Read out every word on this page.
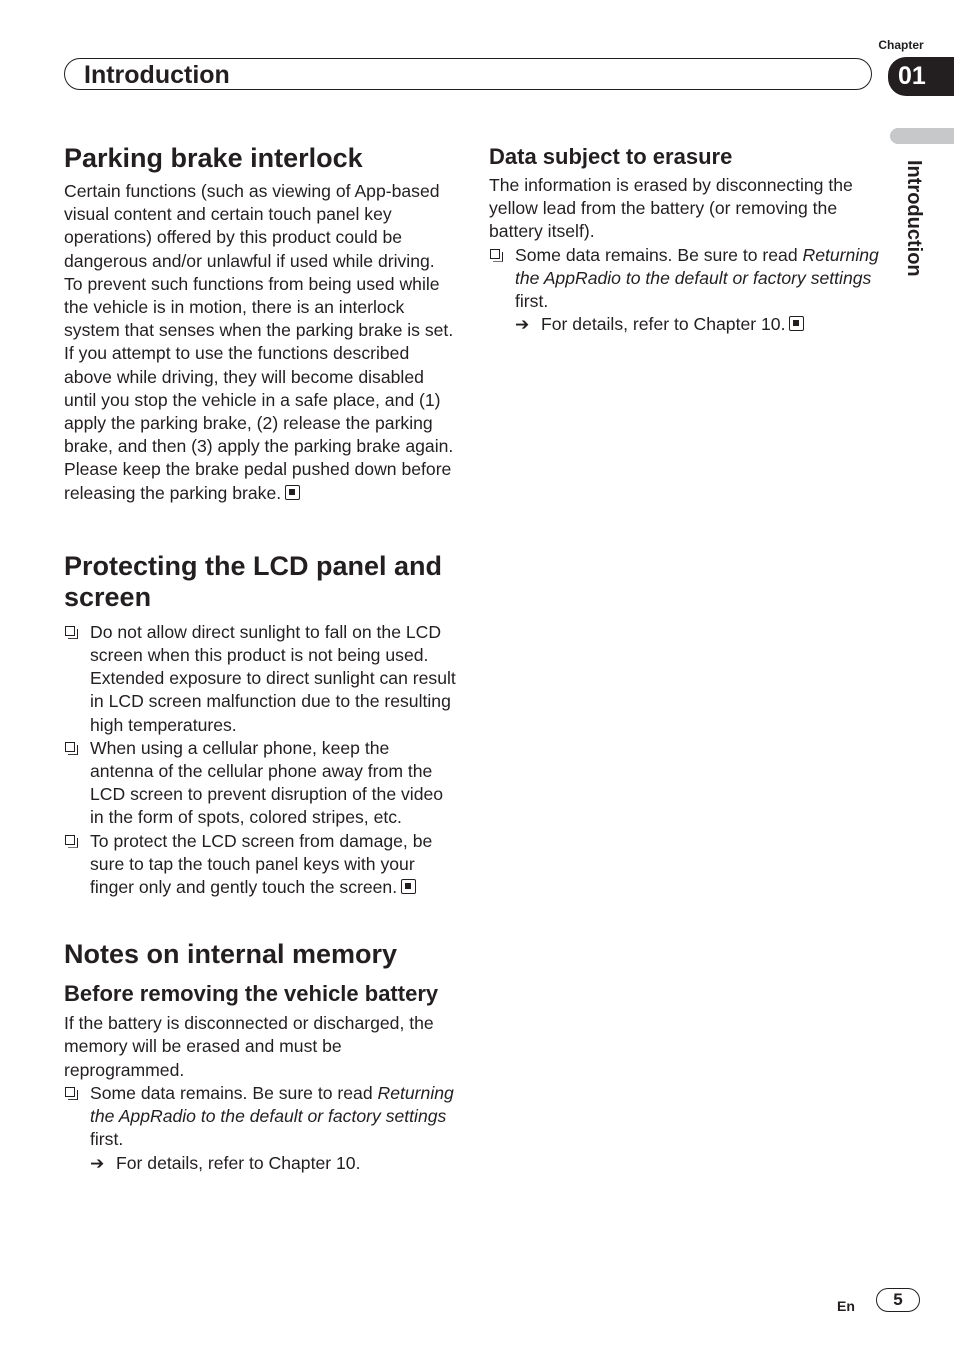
Introduction
Chapter
01
Introduction
Parking brake interlock

Certain functions (such as viewing of App-based visual content and certain touch panel key operations) offered by this product could be dangerous and/or unlawful if used while driving. To prevent such functions from being used while the vehicle is in motion, there is an interlock system that senses when the parking brake is set. If you attempt to use the functions described above while driving, they will become disabled until you stop the vehicle in a safe place, and (1) apply the parking brake, (2) release the parking brake, and then (3) apply the parking brake again. Please keep the brake pedal pushed down before releasing the parking brake.

Protecting the LCD panel and screen
Do not allow direct sunlight to fall on the LCD screen when this product is not being used. Extended exposure to direct sunlight can result in LCD screen malfunction due to the resulting high temperatures.
When using a cellular phone, keep the antenna of the cellular phone away from the LCD screen to prevent disruption of the video in the form of spots, colored stripes, etc.
To protect the LCD screen from damage, be sure to tap the touch panel keys with your finger only and gently touch the screen.
Notes on internal memory
Before removing the vehicle battery

If the battery is disconnected or discharged, the memory will be erased and must be reprogrammed.

Some data remains. Be sure to read Returning the AppRadio to the default or factory settings first.
➔ For details, refer to Chapter 10.
Data subject to erasure

The information is erased by disconnecting the yellow lead from the battery (or removing the battery itself).

Some data remains. Be sure to read Returning the AppRadio to the default or factory settings first.
➔ For details, refer to Chapter 10.
En	5
